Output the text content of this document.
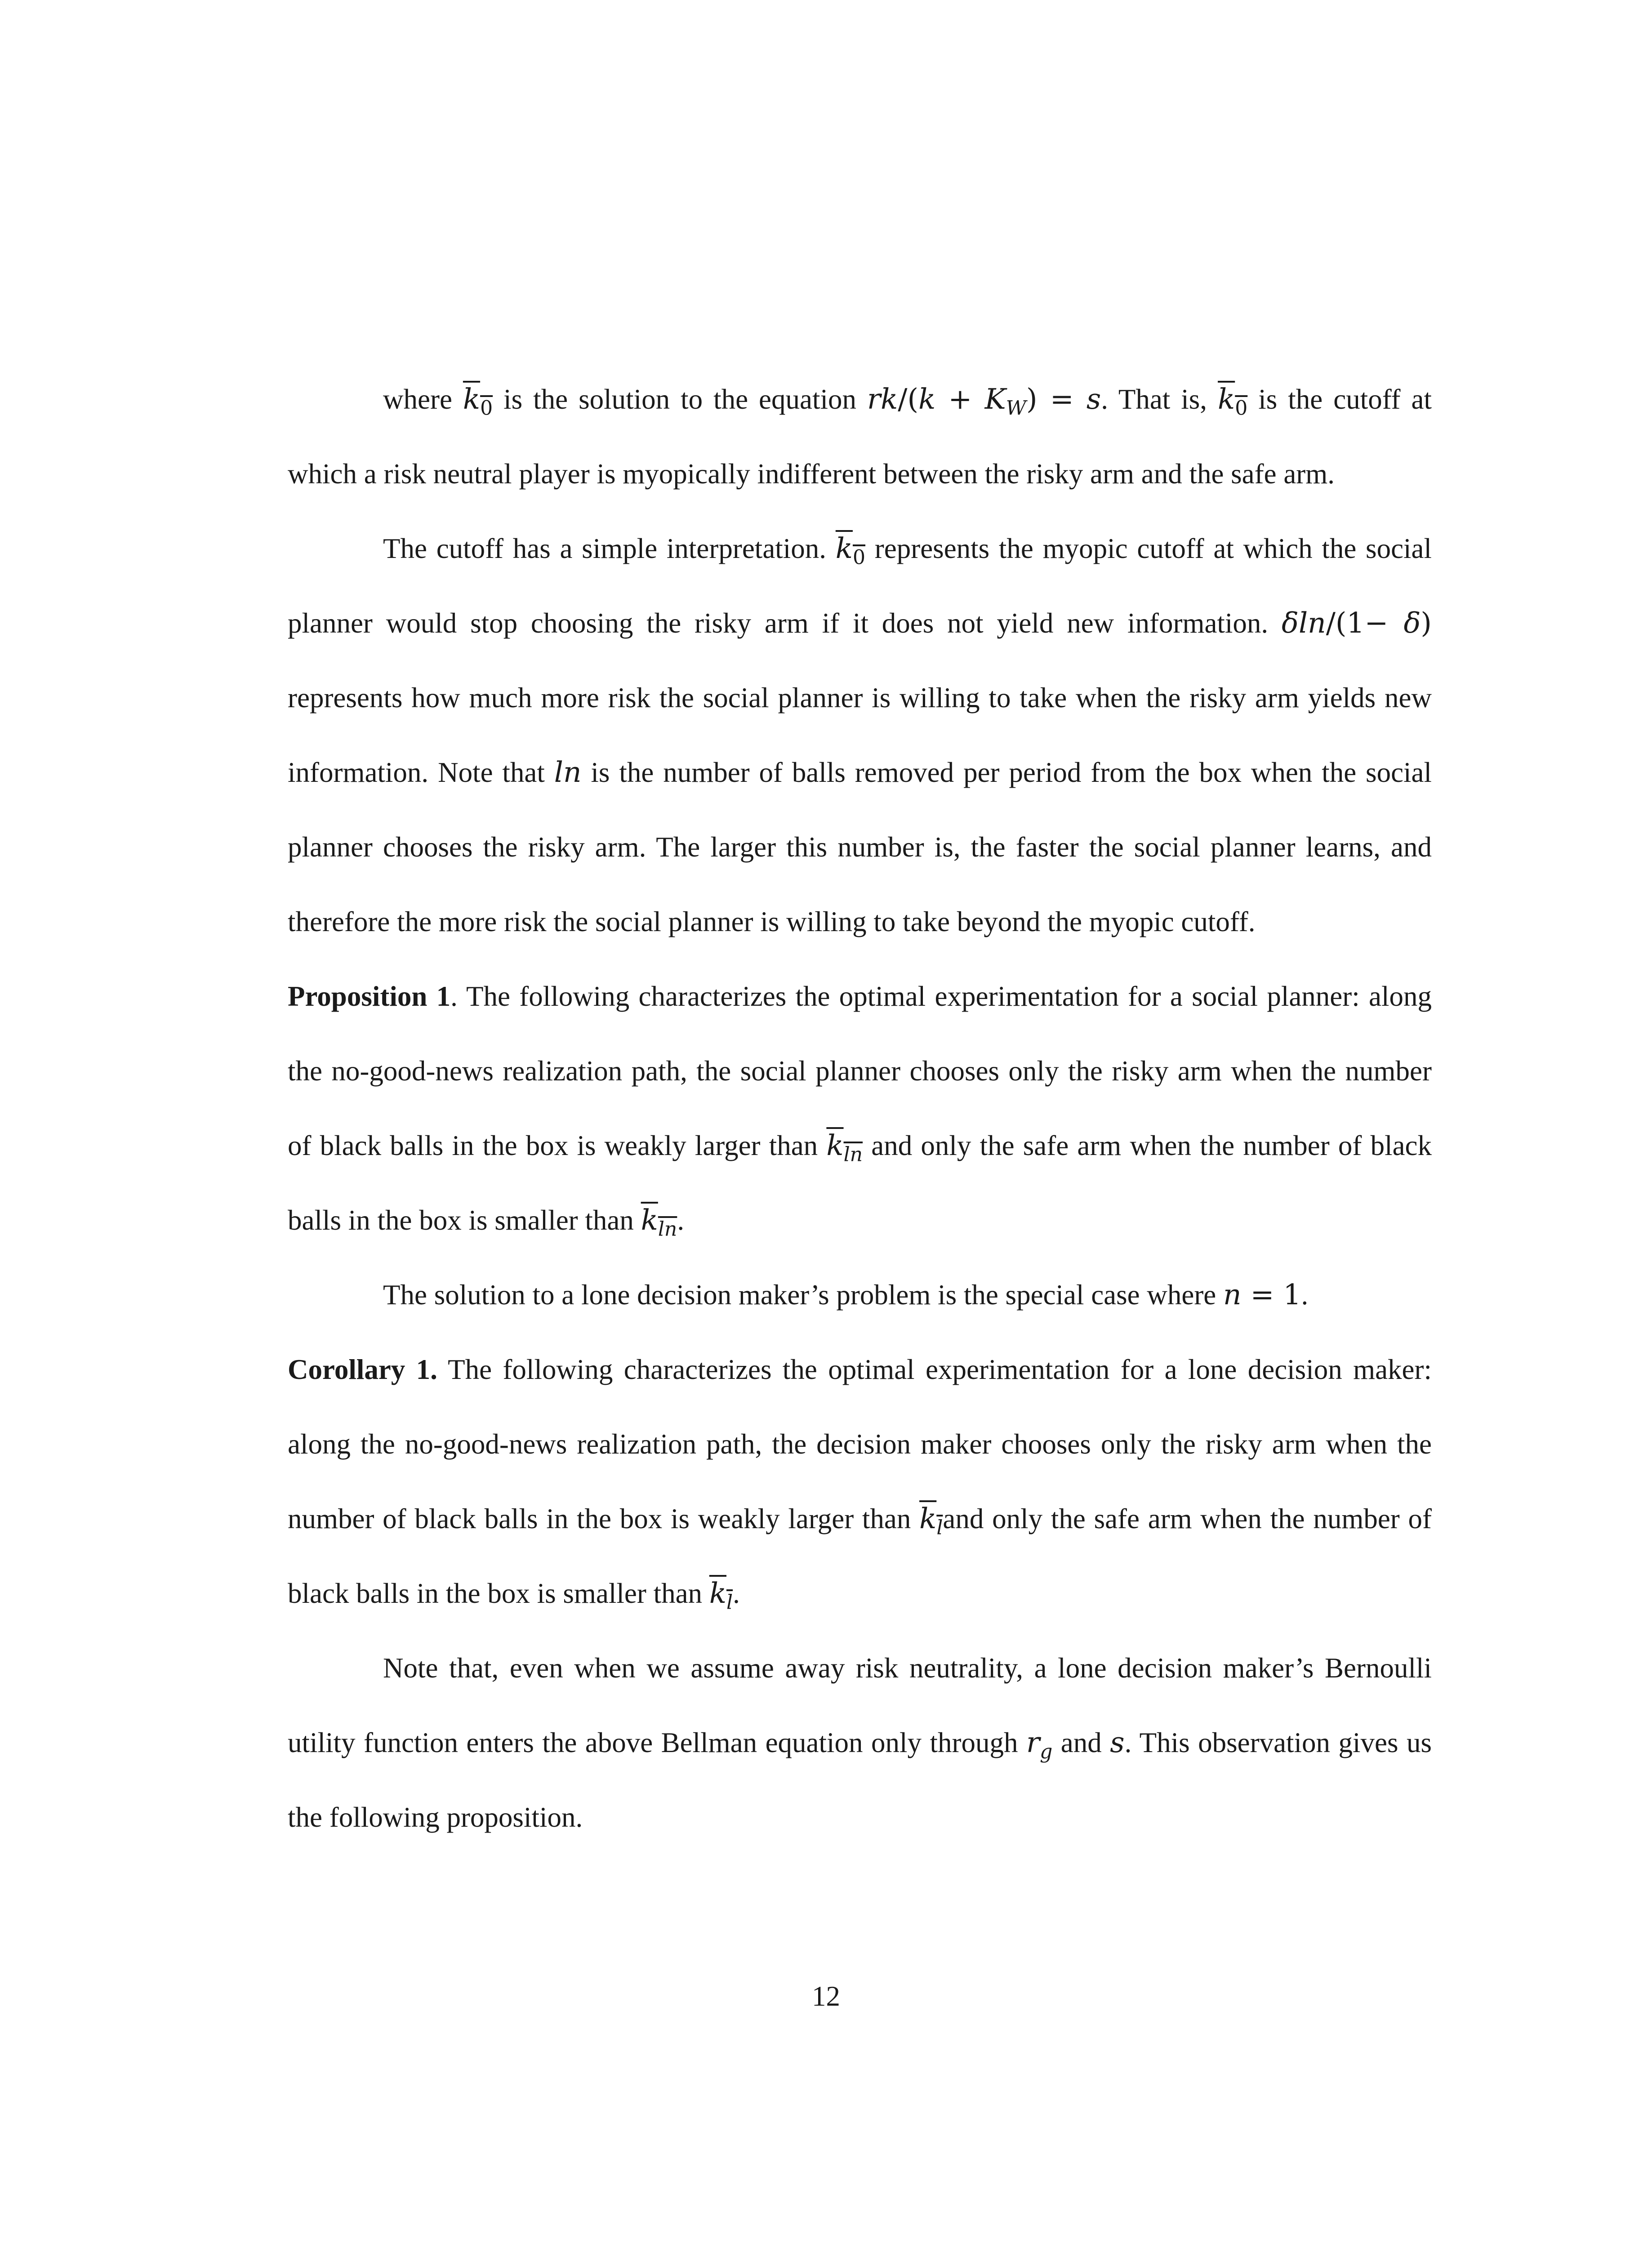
where $k_0$ is the solution to the equation $rk/(k + K_W) = s$. That is, $k_0$ is the cutoff at which a risk neutral player is myopically indifferent between the risky arm and the safe arm.

The cutoff has a simple interpretation. $k_0$ represents the myopic cutoff at which the social planner would stop choosing the risky arm if it does not yield new information. δln/(1− δ) represents how much more risk the social planner is willing to take when the risky arm yields new information. Note that ln is the number of balls removed per period from the box when the social planner chooses the risky arm. The larger this number is, the faster the social planner learns, and therefore the more risk the social planner is willing to take beyond the myopic cutoff.

Proposition 1. The following characterizes the optimal experimentation for a social planner: along the no-good-news realization path, the social planner chooses only the risky arm when the number of black balls in the box is weakly larger than $k_{ln}$ and only the safe arm when the number of black balls in the box is smaller than $k_{ln}$.

The solution to a lone decision maker’s problem is the special case where n = 1.

Corollary 1. The following characterizes the optimal experimentation for a lone decision maker: along the no-good-news realization path, the decision maker chooses only the risky arm when the number of black balls in the box is weakly larger than $k_land$ only the safe arm when the number of black balls in the box is smaller than $k_l$.

Note that, even when we assume away risk neutrality, a lone decision maker’s Bernoulli utility function enters the above Bellman equation only through $r_g$ and s. This observation gives us the following proposition.

12
